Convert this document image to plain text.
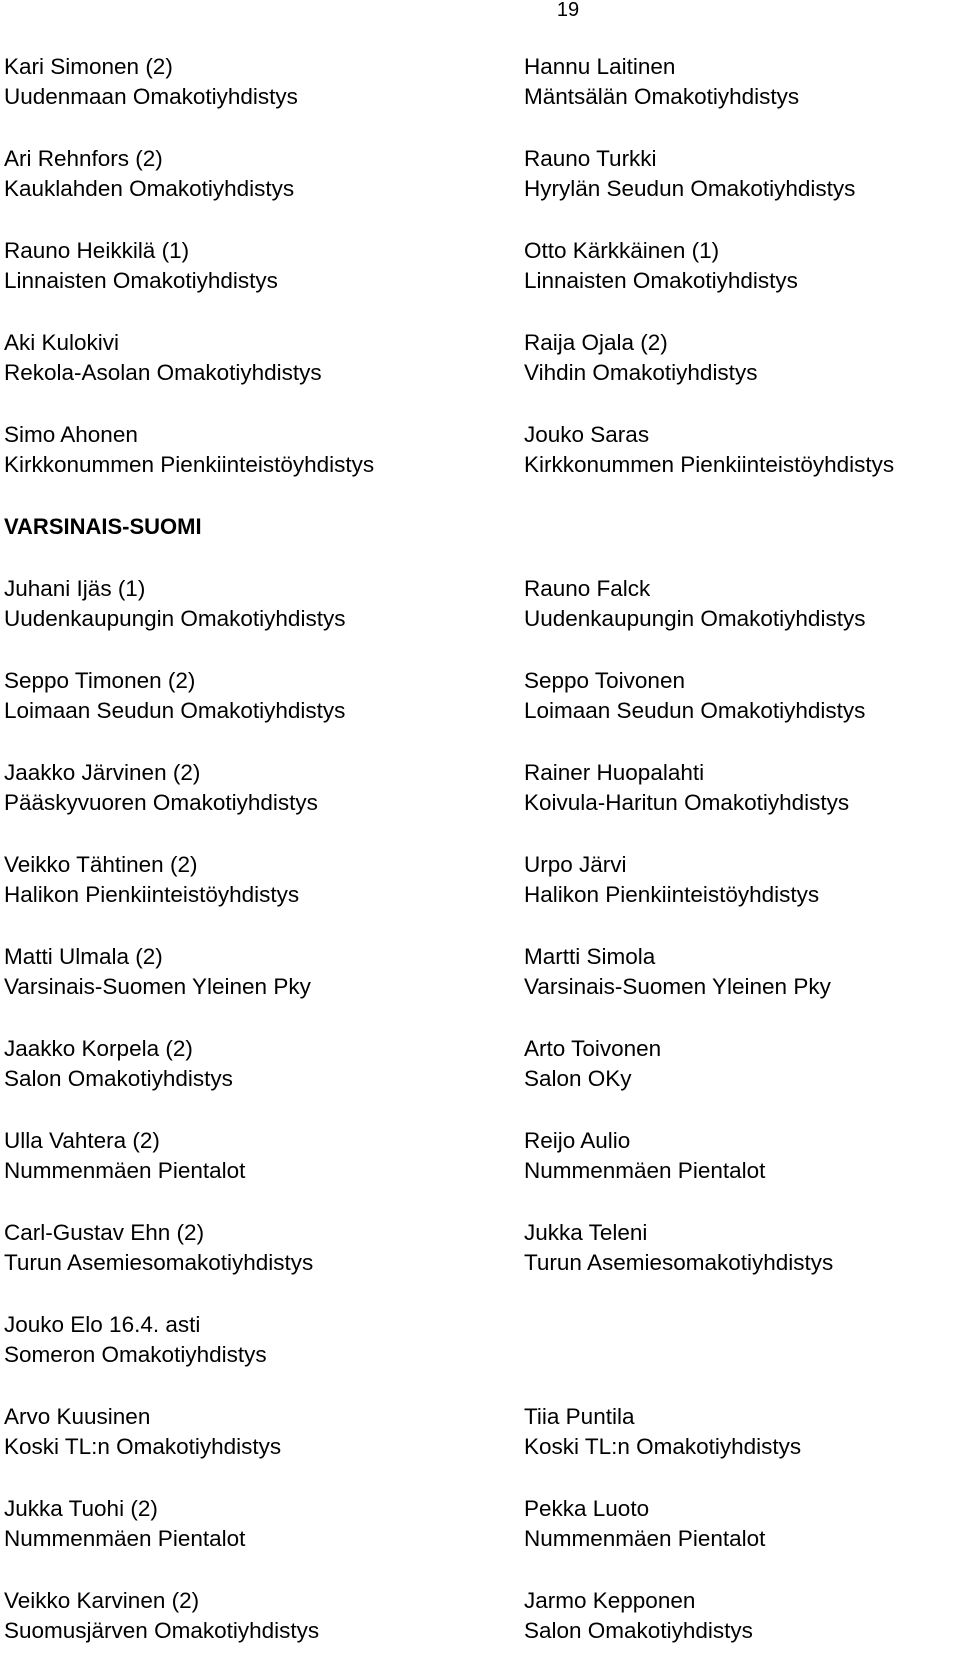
19
Kari Simonen (2)
Uudenmaan Omakotiyhdistys
Hannu Laitinen
Mäntsälän Omakotiyhdistys
Ari Rehnfors (2)
Kauklahden Omakotiyhdistys
Rauno Turkki
Hyrylän Seudun Omakotiyhdistys
Rauno Heikkilä (1)
Linnaisten Omakotiyhdistys
Otto Kärkkäinen (1)
Linnaisten Omakotiyhdistys
Aki Kulokivi
Rekola-Asolan Omakotiyhdistys
Raija Ojala (2)
Vihdin Omakotiyhdistys
Simo Ahonen
Kirkkonummen Pienkiinteistöyhdistys
Jouko Saras
Kirkkonummen Pienkiinteistöyhdistys
VARSINAIS-SUOMI
Juhani Ijäs (1)
Uudenkaupungin Omakotiyhdistys
Rauno Falck
Uudenkaupungin Omakotiyhdistys
Seppo Timonen (2)
Loimaan Seudun Omakotiyhdistys
Seppo Toivonen
Loimaan Seudun Omakotiyhdistys
Jaakko Järvinen (2)
Pääskyvuoren Omakotiyhdistys
Rainer Huopalahti
Koivula-Haritun Omakotiyhdistys
Veikko Tähtinen (2)
Halikon Pienkiinteistöyhdistys
Urpo Järvi
Halikon Pienkiinteistöyhdistys
Matti Ulmala (2)
Varsinais-Suomen Yleinen Pky
Martti Simola
Varsinais-Suomen Yleinen Pky
Jaakko Korpela (2)
Salon Omakotiyhdistys
Arto Toivonen
Salon OKy
Ulla Vahtera (2)
Nummenmäen Pientalot
Reijo Aulio
Nummenmäen Pientalot
Carl-Gustav Ehn (2)
Turun Asemiesomakotiyhdistys
Jukka Teleni
Turun Asemiesomakotiyhdistys
Jouko Elo 16.4. asti
Someron Omakotiyhdistys
Arvo Kuusinen
Koski TL:n Omakotiyhdistys
Tiia Puntila
Koski TL:n Omakotiyhdistys
Jukka Tuohi (2)
Nummenmäen Pientalot
Pekka Luoto
Nummenmäen Pientalot
Veikko Karvinen (2)
Suomusjärven Omakotiyhdistys
Jarmo Kepponen
Salon Omakotiyhdistys
